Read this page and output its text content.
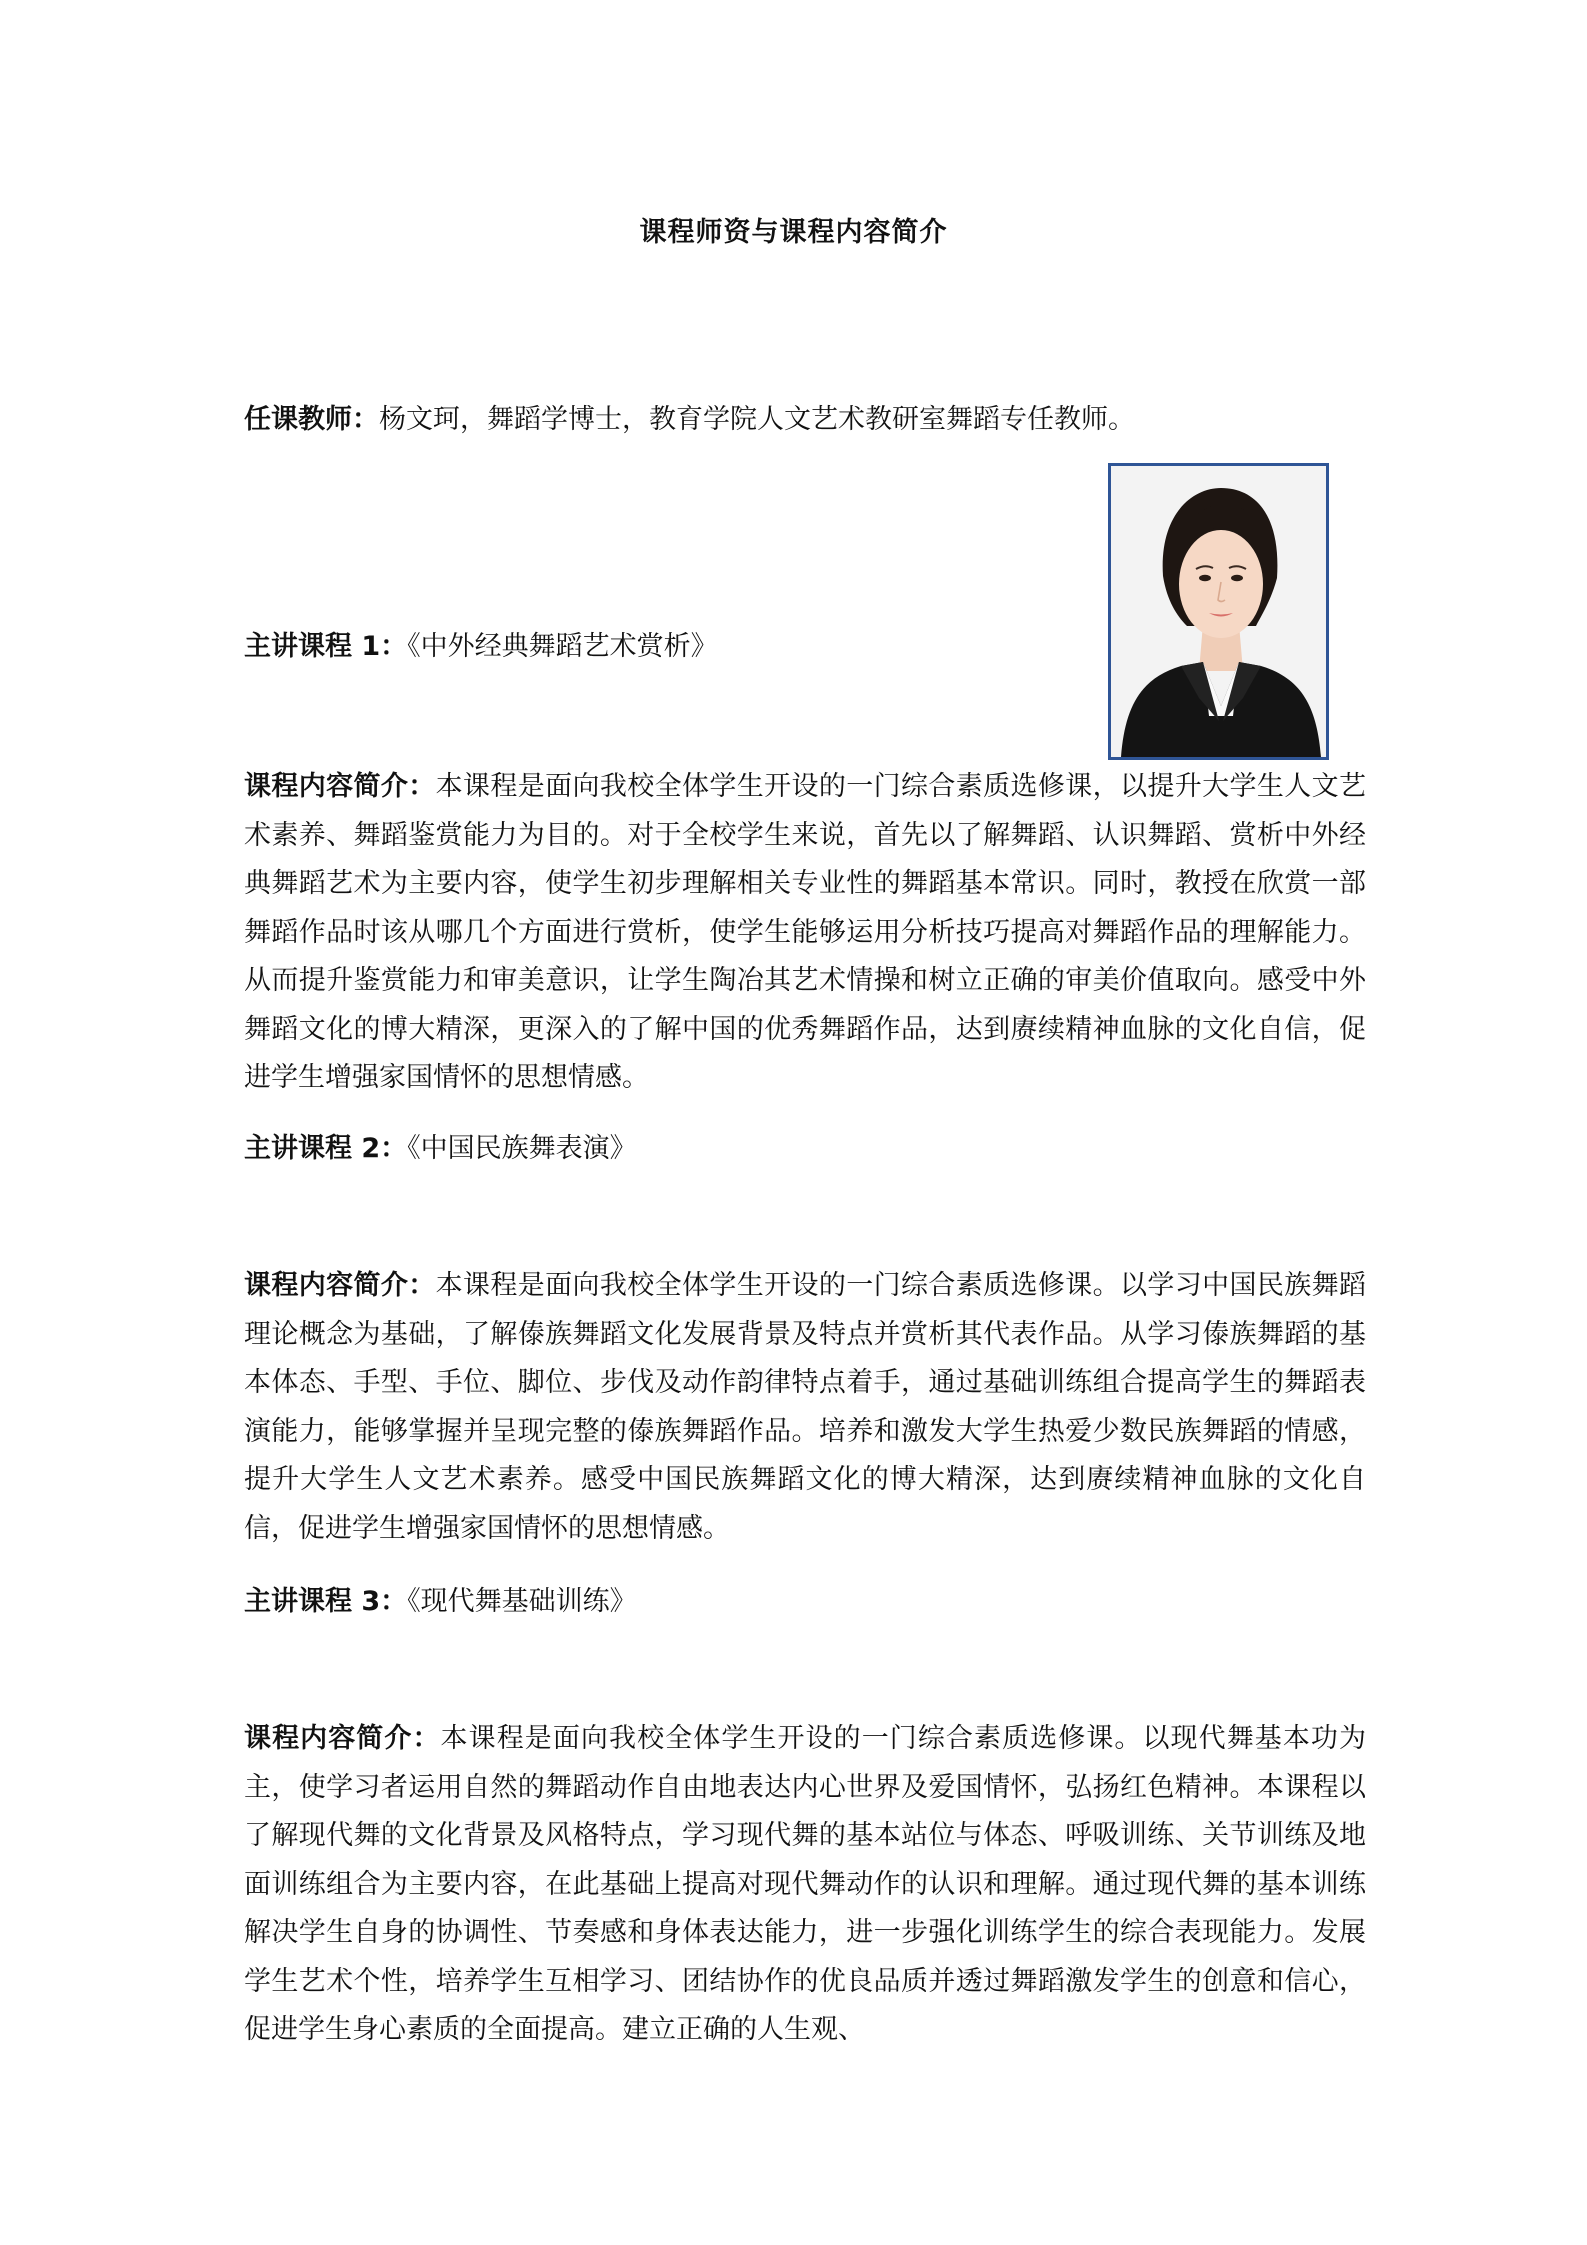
课程师资与课程内容简介
任课教师：杨文珂，舞蹈学博士，教育学院人文艺术教研室舞蹈专任教师。
主讲课程 1：《中外经典舞蹈艺术赏析》
课程内容简介：本课程是面向我校全体学生开设的一门综合素质选修课，以提升大学生人文艺术素养、舞蹈鉴赏能力为目的。对于全校学生来说，首先以了解舞蹈、认识舞蹈、赏析中外经典舞蹈艺术为主要内容，使学生初步理解相关专业性的舞蹈基本常识。同时，教授在欣赏一部舞蹈作品时该从哪几个方面进行赏析，使学生能够运用分析技巧提高对舞蹈作品的理解能力。从而提升鉴赏能力和审美意识，让学生陶冶其艺术情操和树立正确的审美价值取向。感受中外舞蹈文化的博大精深，更深入的了解中国的优秀舞蹈作品，达到赓续精神血脉的文化自信，促进学生增强家国情怀的思想情感。
主讲课程 2：《中国民族舞表演》
课程内容简介：本课程是面向我校全体学生开设的一门综合素质选修课。以学习中国民族舞蹈理论概念为基础，了解傣族舞蹈文化发展背景及特点并赏析其代表作品。从学习傣族舞蹈的基本体态、手型、手位、脚位、步伐及动作韵律特点着手，通过基础训练组合提高学生的舞蹈表演能力，能够掌握并呈现完整的傣族舞蹈作品。培养和激发大学生热爱少数民族舞蹈的情感，提升大学生人文艺术素养。感受中国民族舞蹈文化的博大精深，达到赓续精神血脉的文化自信，促进学生增强家国情怀的思想情感。
主讲课程 3：《现代舞基础训练》
课程内容简介：本课程是面向我校全体学生开设的一门综合素质选修课。以现代舞基本功为主，使学习者运用自然的舞蹈动作自由地表达内心世界及爱国情怀，弘扬红色精神。本课程以了解现代舞的文化背景及风格特点，学习现代舞的基本站位与体态、呼吸训练、关节训练及地面训练组合为主要内容，在此基础上提高对现代舞动作的认识和理解。通过现代舞的基本训练解决学生自身的协调性、节奏感和身体表达能力，进一步强化训练学生的综合表现能力。发展学生艺术个性，培养学生互相学习、团结协作的优良品质并透过舞蹈激发学生的创意和信心，促进学生身心素质的全面提高。建立正确的人生观、
